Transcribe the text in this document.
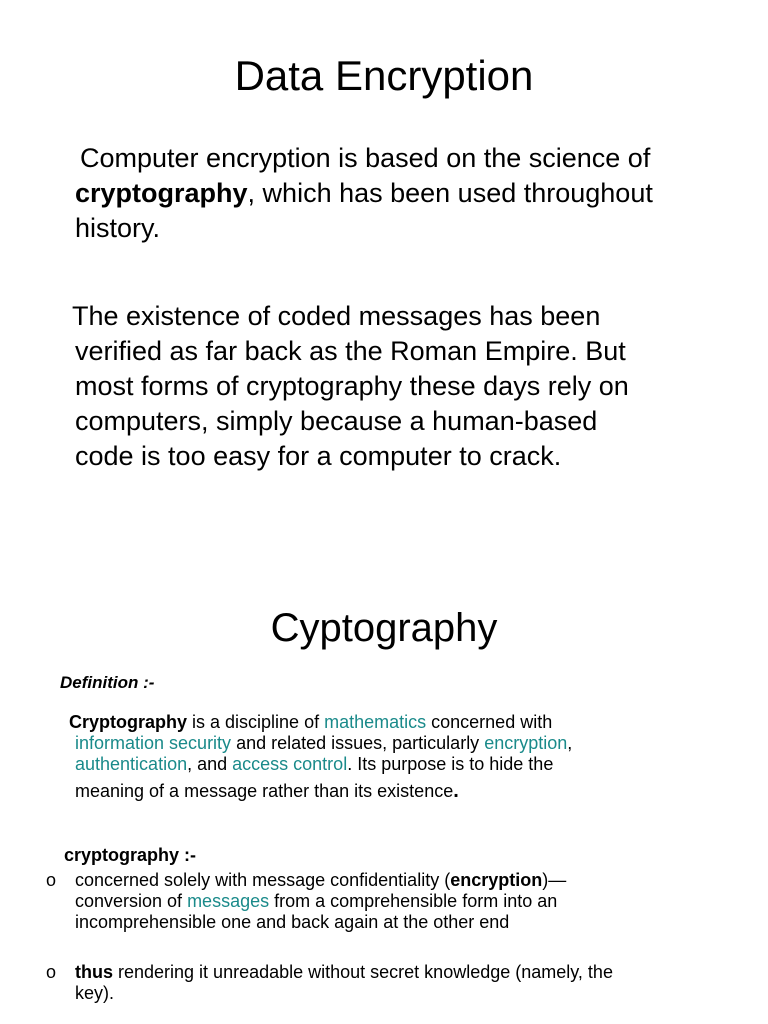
Data Encryption

Computer encryption is based on the science of

cryptography, which has been used throughout

history.

The existence of coded messages has been

verified as far back as the Roman Empire. But

most forms of cryptography these days rely on

computers, simply because a human-based

code is too easy for a computer to crack.

Cyptography
Definition :-
Cryptography is a discipline of mathematics concerned with
information security and related issues, particularly encryption,
authentication, and access control. Its purpose is to hide the
meaning of a message rather than its existence.
cryptography :-
o concerned solely with message confidentiality (encryption)—
conversion of messages from a comprehensible form into an
incomprehensible one and back again at the other end
o thus rendering it unreadable without secret knowledge (namely, the
key).
